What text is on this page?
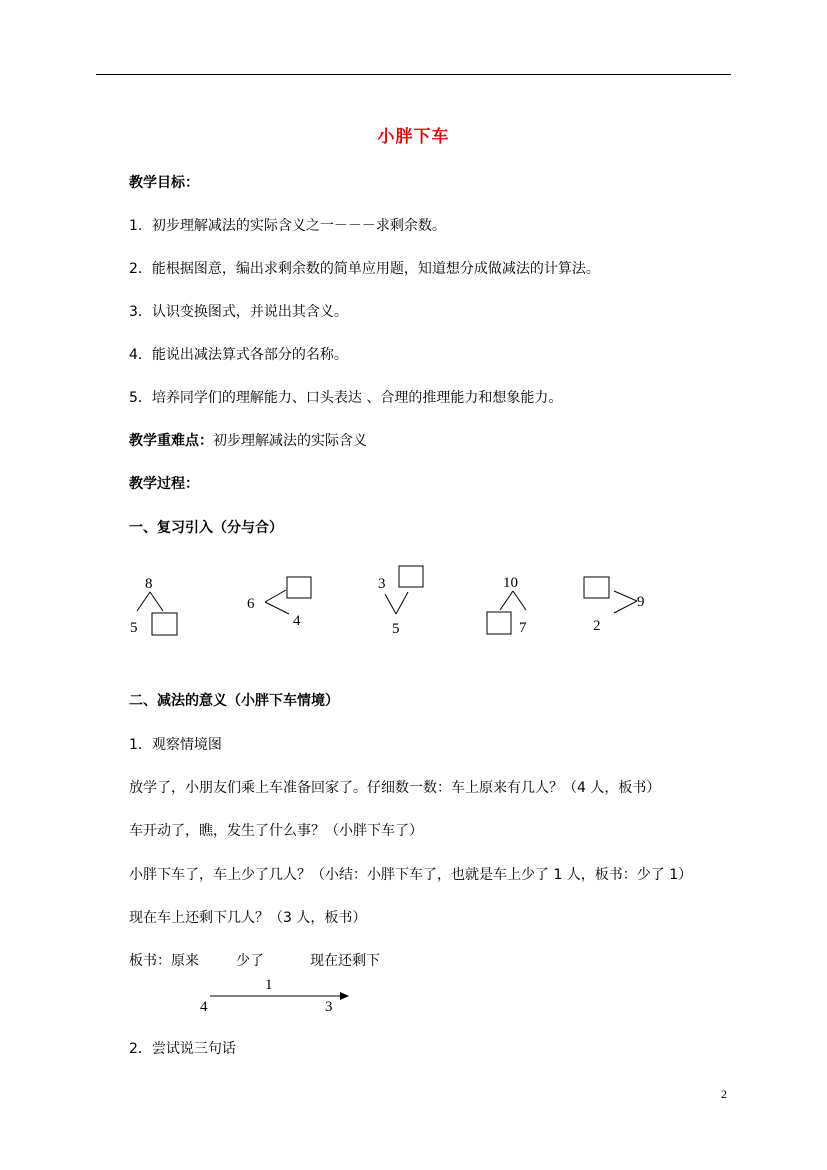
小胖下车
教学目标：
1．初步理解减法的实际含义之一－－－求剩余数。
2．能根据图意，编出求剩余数的简单应用题，知道想分成做减法的计算法。
3．认识变换图式，并说出其含义。
4．能说出减法算式各部分的名称。
5．培养同学们的理解能力、口头表达 、合理的推理能力和想象能力。
教学重难点：初步理解减法的实际含义
教学过程：
一、复习引入（分与合）
8
5
6
4
3
5
10
7	2
9
4
1
3
二、减法的意义（小胖下车情境）
1．观察情境图
放学了，小朋友们乘上车准备回家了。仔细数一数：车上原来有几人？（4 人，板书）
车开动了，瞧，发生了什么事？（小胖下车了）
小胖下车了，车上少了几人？（小结：小胖下车了，也就是车上少了 1 人，板书：少了 1）
现在车上还剩下几人？（3 人，板书）
板书：原来	少了	现在还剩下
2．尝试说三句话
2
